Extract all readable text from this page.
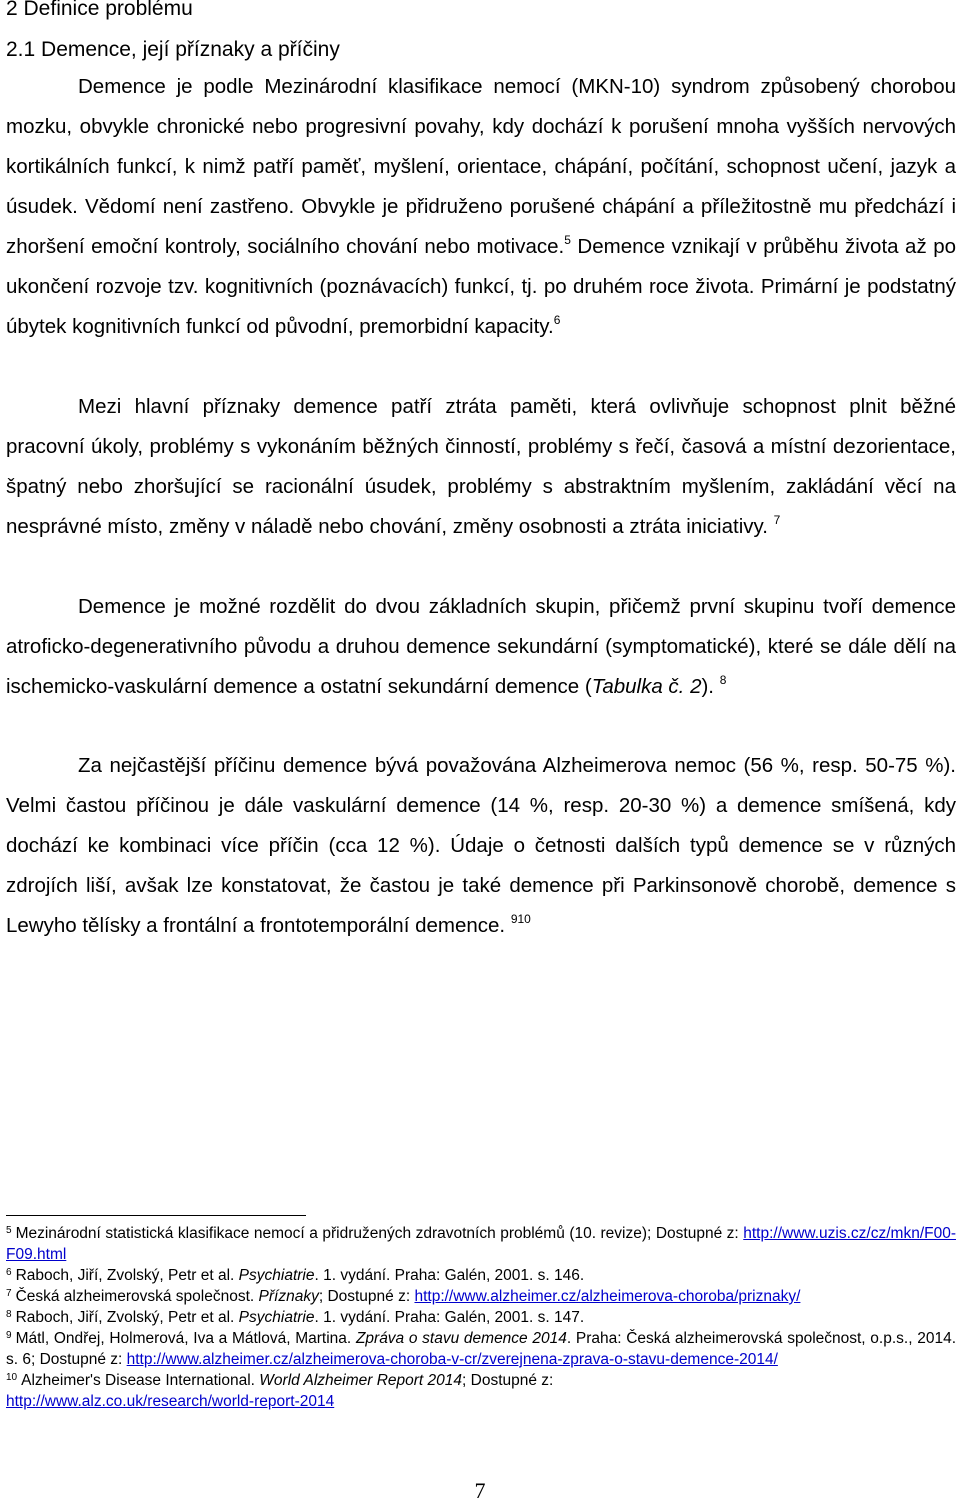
2 Definice problému
2.1 Demence, její příznaky a příčiny

Demence je podle Mezinárodní klasifikace nemocí (MKN-10) syndrom způsobený chorobou mozku, obvykle chronické nebo progresivní povahy, kdy dochází k porušení mnoha vyšších nervových kortikálních funkcí, k nimž patří paměť, myšlení, orientace, chápání, počítání, schopnost učení, jazyk a úsudek. Vědomí není zastřeno. Obvykle je přidruženo porušené chápání a příležitostně mu předchází i zhoršení emoční kontroly, sociálního chování nebo motivace.$^5$ Demence vznikají v průběhu života až po ukončení rozvoje tzv. kognitivních (poznávacích) funkcí, tj. po druhém roce života. Primární je podstatný úbytek kognitivních funkcí od původní, premorbidní kapacity.$^6$

Mezi hlavní příznaky demence patří ztráta paměti, která ovlivňuje schopnost plnit běžné pracovní úkoly, problémy s vykonáním běžných činností, problémy s řečí, časová a místní dezorientace, špatný nebo zhoršující se racionální úsudek, problémy s abstraktním myšlením, zakládání věcí na nesprávné místo, změny v náladě nebo chování, změny osobnosti a ztráta iniciativy. $^7$

Demence je možné rozdělit do dvou základních skupin, přičemž první skupinu tvoří demence atroficko-degenerativního původu a druhou demence sekundární (symptomatické), které se dále dělí na ischemicko-vaskulární demence a ostatní sekundární demence (Tabulka č. 2). $^8$

Za nejčastější příčinu demence bývá považována Alzheimerova nemoc (56 %, resp. 50-75 %). Velmi častou příčinou je dále vaskulární demence (14 %, resp. 20-30 %) a demence smíšená, kdy dochází ke kombinaci více příčin (cca 12 %). Údaje o četnosti dalších typů demence se v různých zdrojích liší, avšak lze konstatovat, že častou je také demence při Parkinsonově chorobě, demence s Lewyho tělísky a frontální a frontotemporální demence. $^{910}$

$^5$ Mezinárodní statistická klasifikace nemocí a přidružených zdravotních problémů (10. revize); Dostupné z: http://www.uzis.cz/cz/mkn/F00-F09.html

$^6$ Raboch, Jiří, Zvolský, Petr et al. Psychiatrie. 1. vydání. Praha: Galén, 2001. s. 146.

$^7$ Česká alzheimerovská společnost. Příznaky; Dostupné z: http://www.alzheimer.cz/alzheimerova-choroba/priznaky/

$^8$ Raboch, Jiří, Zvolský, Petr et al. Psychiatrie. 1. vydání. Praha: Galén, 2001. s. 147.

$^9$ Mátl, Ondřej, Holmerová, Iva a Mátlová, Martina. Zpráva o stavu demence 2014. Praha: Česká alzheimerovská společnost, o.p.s., 2014. s. 6; Dostupné z: http://www.alzheimer.cz/alzheimerova-choroba-v-cr/zverejnena-zprava-o-stavu-demence-2014/

$^{10}$ Alzheimer's Disease International. World Alzheimer Report 2014; Dostupné z:
http://www.alz.co.uk/research/world-report-2014

7
